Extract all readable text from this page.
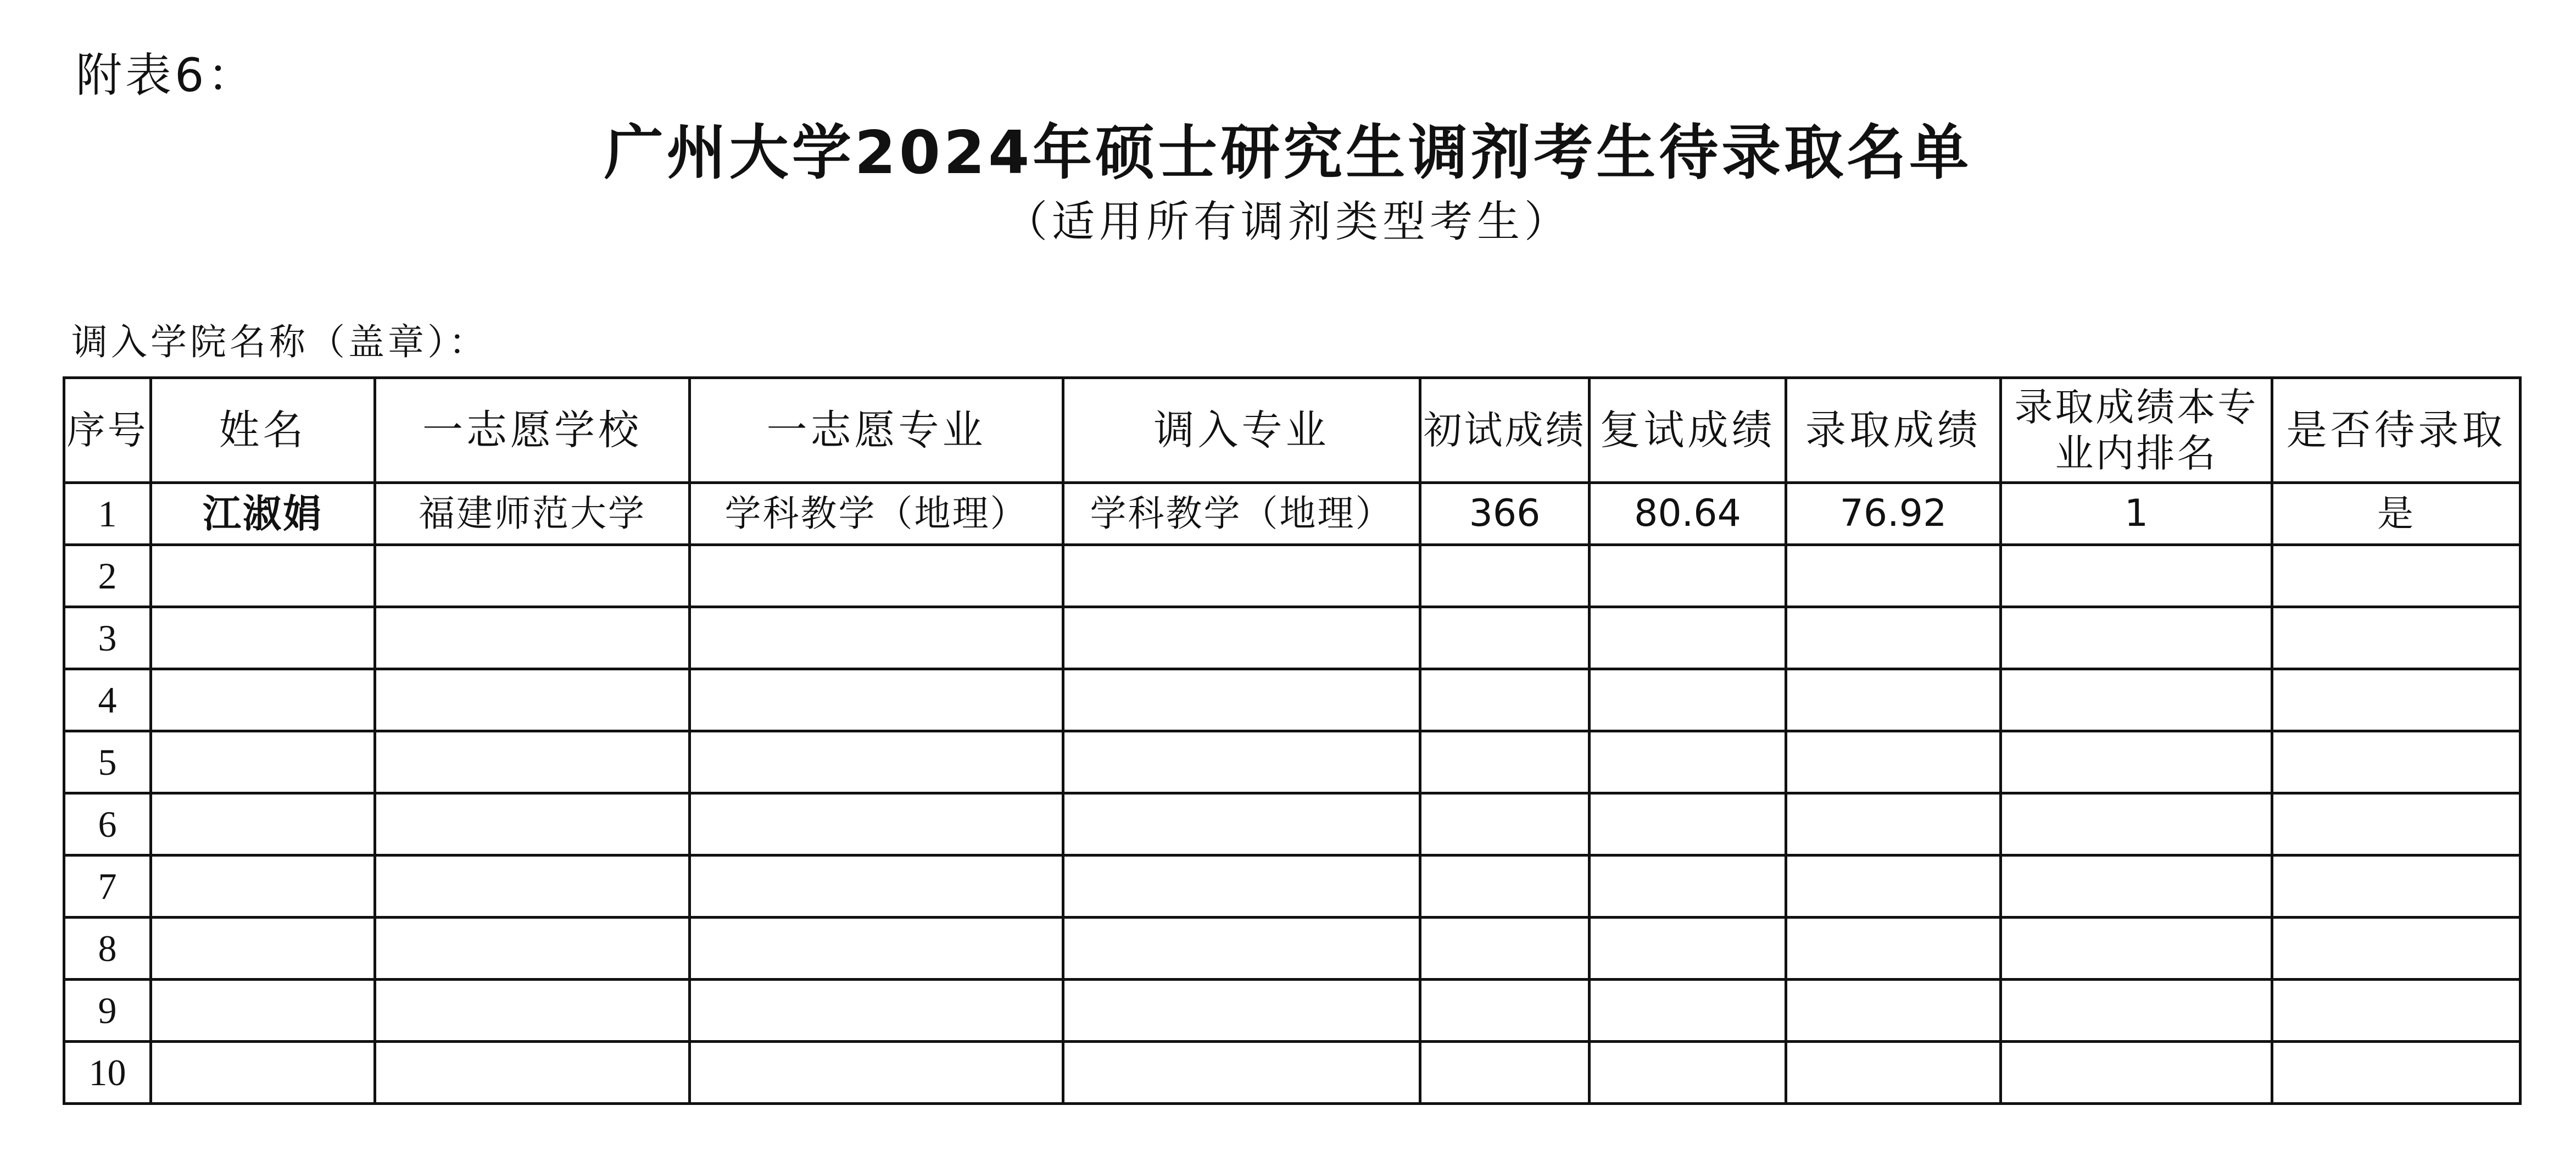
附表6：
广州大学2024年硕士研究生调剂考生待录取名单
（适用所有调剂类型考生）
调入学院名称（盖章）：
序号	姓名	一志愿学校	一志愿专业	调入专业	初试成绩	复试成绩	录取成绩	录取成绩本专业内排名	是否待录取
1	江淑娟	福建师范大学	学科教学（地理）	学科教学（地理）	366	80.64	76.92	1	是
2									
3									
4									
5									
6									
7									
8									
9									
10									
